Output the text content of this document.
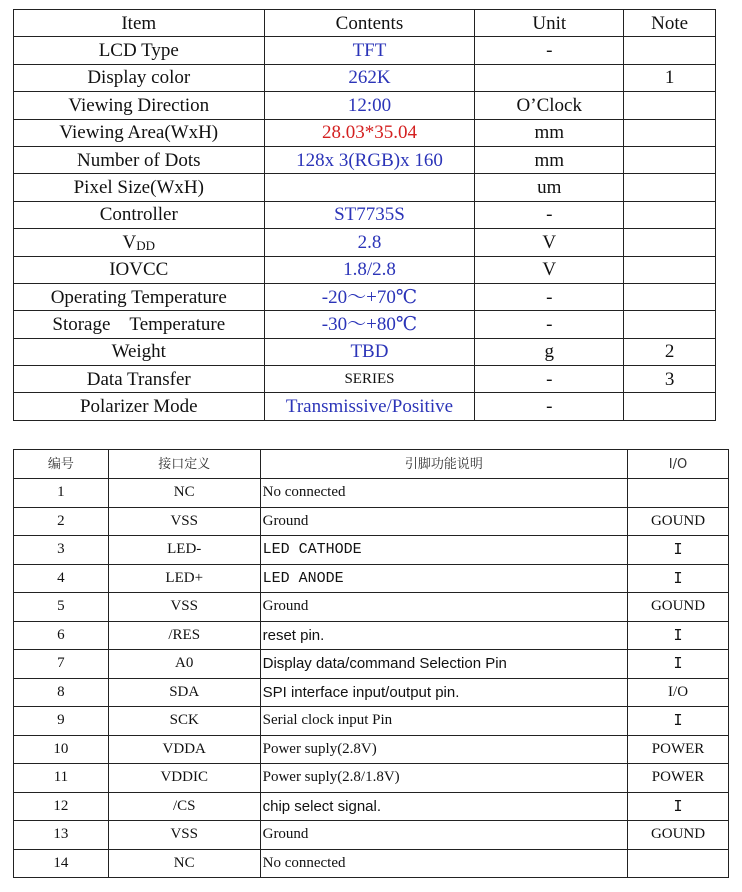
Item	Contents	Unit	Note
LCD Type	TFT	-	
Display color	262K		1
Viewing Direction	12:00	O’Clock	
Viewing Area(WxH)	28.03*35.04	mm	
Number of Dots	128x 3(RGB)x 160	mm	
Pixel Size(WxH)		um	
Controller	ST7735S	-	
VDD	2.8	V	
IOVCC	1.8/2.8	V	
Operating Temperature	-20～+70℃	-	
Storage　Temperature	-30～+80℃	-	
Weight	TBD	g	2
Data Transfer	SERIES	-	3
Polarizer Mode	Transmissive/Positive	-	
编号	接口定义	引脚功能说明	I/O
1	NC	No connected	
2	VSS	Ground	GOUND
3	LED-	LED CATHODE	I
4	LED+	LED ANODE	I
5	VSS	Ground	GOUND
6	/RES	reset pin.	I
7	A0	Display data/command Selection Pin	I
8	SDA	SPI interface input/output pin.	I/O
9	SCK	Serial clock input Pin	I
10	VDDA	Power suply(2.8V)	POWER
11	VDDIC	Power suply(2.8/1.8V)	POWER
12	/CS	chip select signal.	I
13	VSS	Ground	GOUND
14	NC	No connected	
